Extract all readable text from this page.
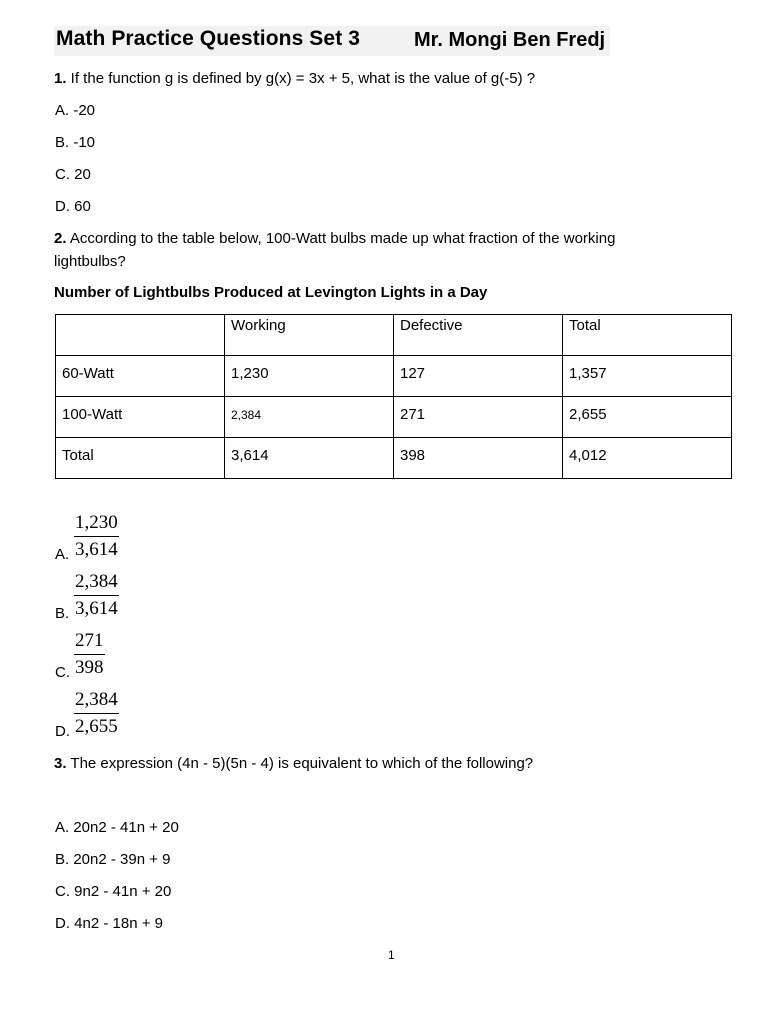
Math Practice Questions Set 3	Mr. Mongi Ben Fredj
1. If the function g is defined by g(x) = 3x + 5, what is the value of g(-5) ?
A. -20
B. -10
C. 20
D. 60
2. According to the table below, 100-Watt bulbs made up what fraction of the working
lightbulbs?
Number of Lightbulbs Produced at Levington Lights in a Day
	Working	Defective	Total
60-Watt	1,230	127	1,357
100-Watt	2,384	271	2,655
Total	3,614	398	4,012
1,230
3,614
A.
2,384
3,614
B.
271
398
C.
2,384
2,655
D.
3. The expression (4n - 5)(5n - 4) is equivalent to which of the following?
A. 20n2 - 41n + 20
B. 20n2 - 39n + 9
C. 9n2 - 41n + 20
D. 4n2 - 18n + 9
1
